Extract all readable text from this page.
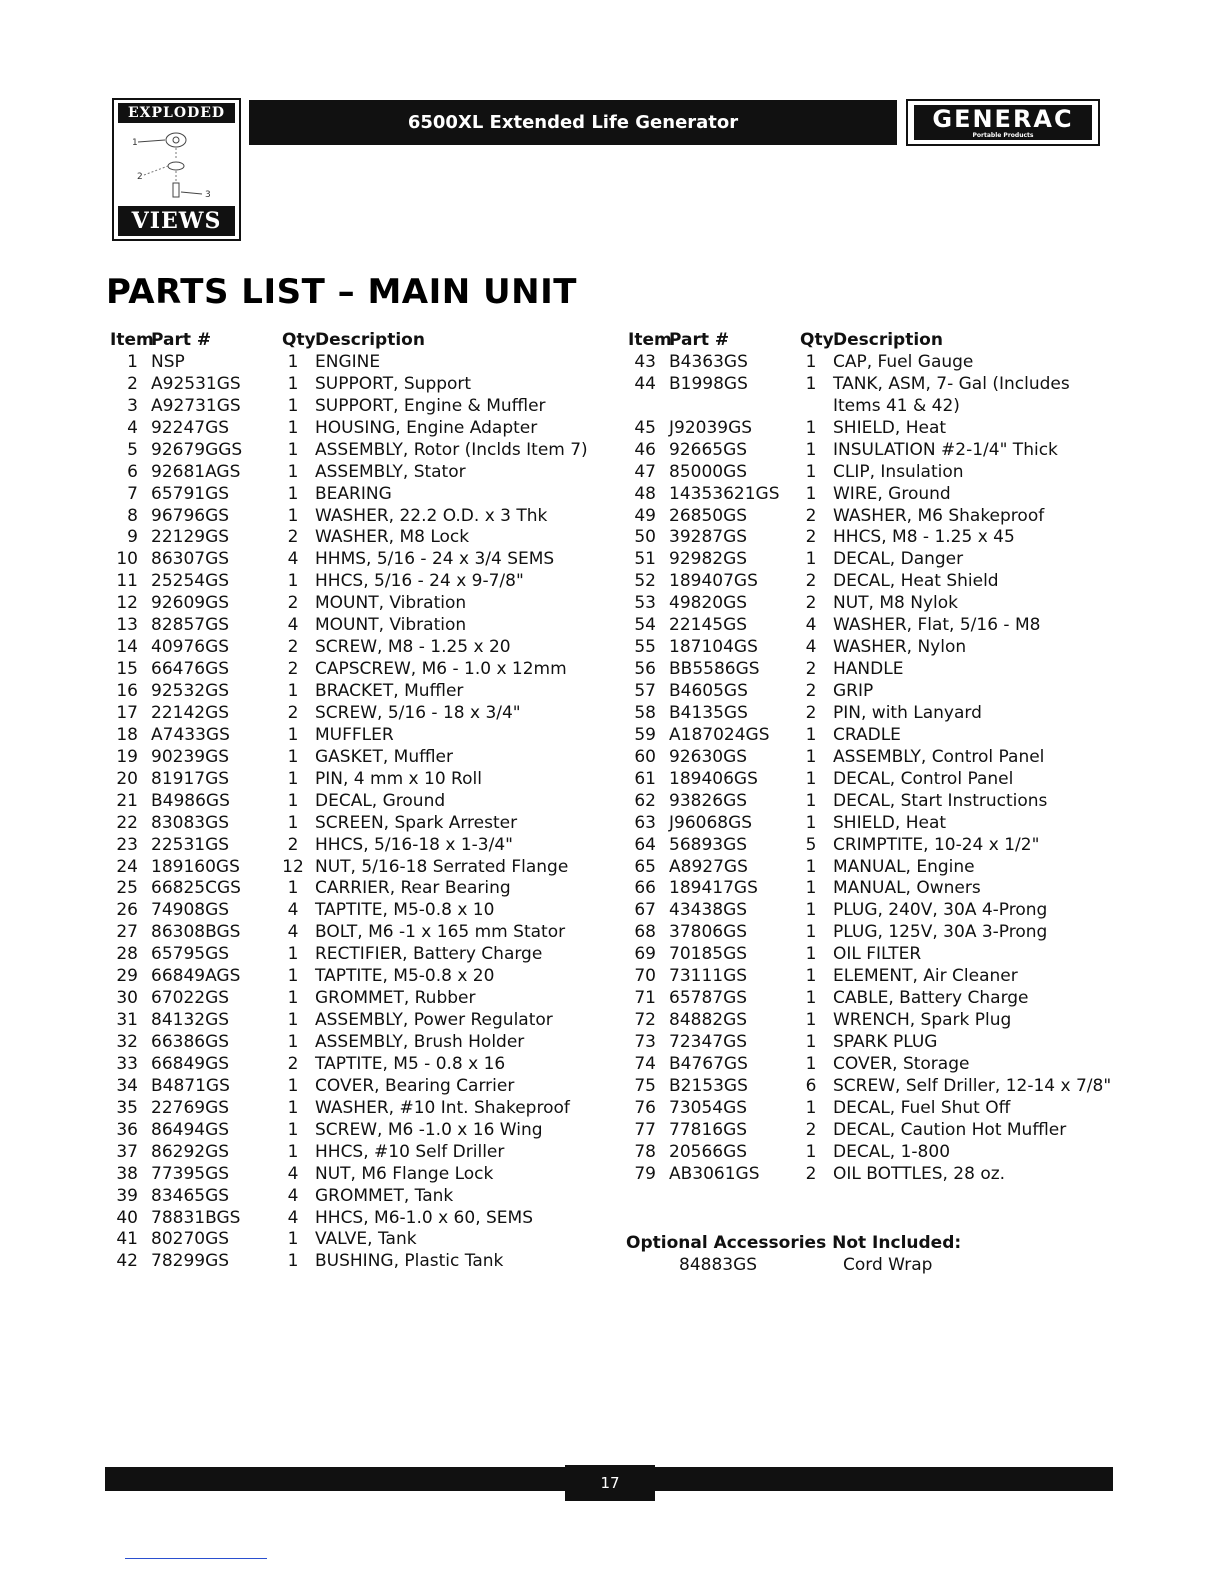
EXPLODED
1
2
3
VIEWS
6500XL Extended Life Generator	GENERAC
Portable Products
PARTS LIST – MAIN UNIT
Item
Part #	Qty Description
1 NSP	1 ENGINE
2 A92531GS	1 SUPPORT, Support
3 A92731GS	1 SUPPORT, Engine & Muffler
4 92247GS	1 HOUSING, Engine Adapter
5 92679GGS	1 ASSEMBLY, Rotor (Inclds Item 7)
6 92681AGS	1 ASSEMBLY, Stator
7 65791GS	1 BEARING
8 96796GS	1 WASHER, 22.2 O.D. x 3 Thk
9 22129GS	2 WASHER, M8 Lock
10 86307GS	4 HHMS, 5/16 - 24 x 3/4 SEMS
11 25254GS	1 HHCS, 5/16 - 24 x 9-7/8"
12 92609GS	2 MOUNT, Vibration
13 82857GS	4 MOUNT, Vibration
14 40976GS	2 SCREW, M8 - 1.25 x 20
15 66476GS	2 CAPSCREW, M6 - 1.0 x 12mm
16 92532GS	1 BRACKET, Muffler
17 22142GS	2 SCREW, 5/16 - 18 x 3/4"
18 A7433GS	1 MUFFLER
19 90239GS	1 GASKET, Muffler
20 81917GS	1 PIN, 4 mm x 10 Roll
21 B4986GS	1 DECAL, Ground
22 83083GS	1 SCREEN, Spark Arrester
23 22531GS	2 HHCS, 5/16-18 x 1-3/4"
24 189160GS 12 NUT, 5/16-18 Serrated Flange
25 66825CGS	1 CARRIER, Rear Bearing
26 74908GS	4 TAPTITE, M5-0.8 x 10
27 86308BGS	4 BOLT, M6 -1 x 165 mm Stator
28 65795GS	1 RECTIFIER, Battery Charge
29 66849AGS	1 TAPTITE, M5-0.8 x 20
30 67022GS	1 GROMMET, Rubber
31 84132GS	1 ASSEMBLY, Power Regulator
32 66386GS	1 ASSEMBLY, Brush Holder
33 66849GS	2 TAPTITE, M5 - 0.8 x 16
34 B4871GS	1 COVER, Bearing Carrier
35 22769GS	1 WASHER, #10 Int. Shakeproof
36 86494GS	1 SCREW, M6 -1.0 x 16 Wing
37 86292GS	1 HHCS, #10 Self Driller
38 77395GS	4 NUT, M6 Flange Lock
39 83465GS	4 GROMMET, Tank
40 78831BGS	4 HHCS, M6-1.0 x 60, SEMS
41 80270GS	1 VALVE, Tank
42 78299GS	1 BUSHING, Plastic Tank
Item
Part #	Qty Description
43 B4363GS	1 CAP, Fuel Gauge
44 B1998GS	1 TANK, ASM, 7- Gal (Includes
Items 41 & 42)
45 J92039GS	1 SHIELD, Heat
46 92665GS	1 INSULATION #2-1/4" Thick
47 85000GS	1 CLIP, Insulation
48 14353621GS	1 WIRE, Ground
49 26850GS	2 WASHER, M6 Shakeproof
50 39287GS	2 HHCS, M8 - 1.25 x 45
51 92982GS	1 DECAL, Danger
52 189407GS	2 DECAL, Heat Shield
53 49820GS	2 NUT, M8 Nylok
54 22145GS	4 WASHER, Flat, 5/16 - M8
55 187104GS	4 WASHER, Nylon
56 BB5586GS	2 HANDLE
57 B4605GS	2 GRIP
58 B4135GS	2 PIN, with Lanyard
59 A187024GS	1 CRADLE
60 92630GS	1 ASSEMBLY, Control Panel
61 189406GS	1 DECAL, Control Panel
62 93826GS	1 DECAL, Start Instructions
63 J96068GS	1 SHIELD, Heat
64 56893GS	5 CRIMPTITE, 10-24 x 1/2"
65 A8927GS	1 MANUAL, Engine
66 189417GS	1 MANUAL, Owners
67 43438GS	1 PLUG, 240V, 30A 4-Prong
68 37806GS	1 PLUG, 125V, 30A 3-Prong
69 70185GS	1 OIL FILTER
70 73111GS	1 ELEMENT, Air Cleaner
71 65787GS	1 CABLE, Battery Charge
72 84882GS	1 WRENCH, Spark Plug
73 72347GS	1 SPARK PLUG
74 B4767GS	1 COVER, Storage
75 B2153GS	6 SCREW, Self Driller, 12-14 x 7/8"
76 73054GS	1 DECAL, Fuel Shut Off
77 77816GS	2 DECAL, Caution Hot Muffler
78 20566GS	1 DECAL, 1-800
79 AB3061GS	2 OIL BOTTLES, 28 oz.
Optional Accessories Not Included:
84883GS	Cord Wrap
17
